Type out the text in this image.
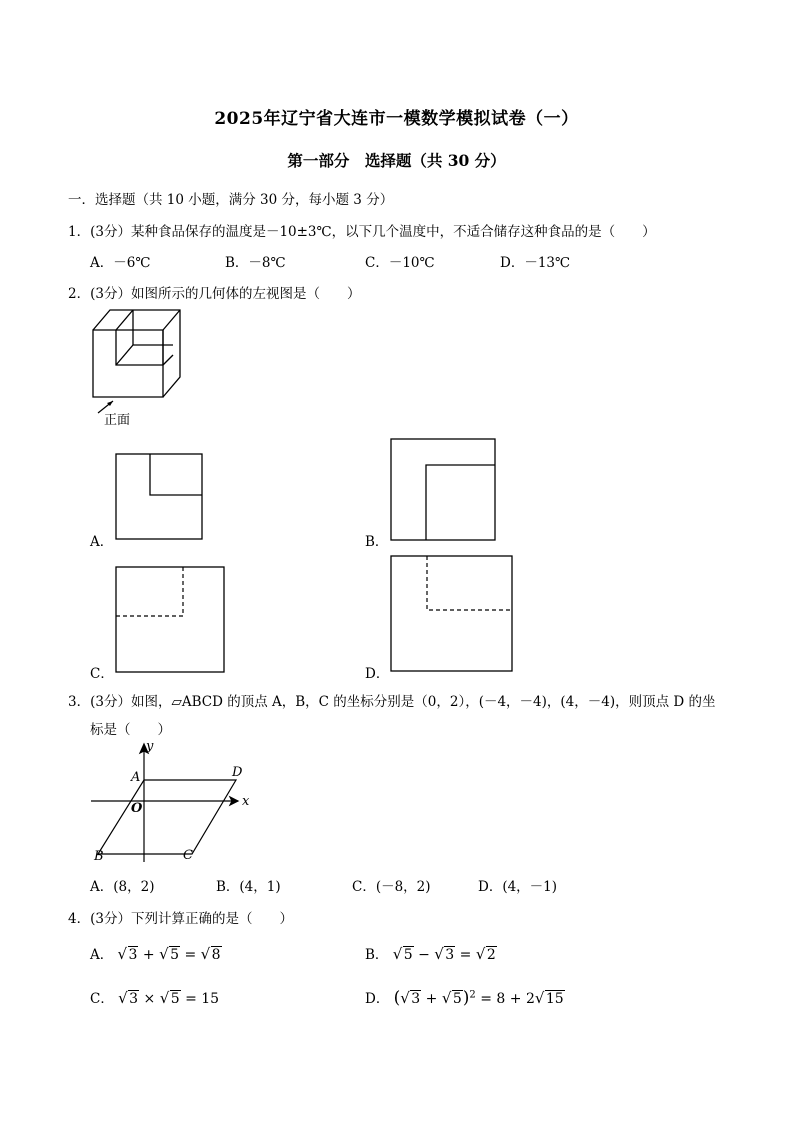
2025年辽宁省大连市一模数学模拟试卷（一）
第一部分　选择题（共 30 分）
一．选择题（共 10 小题，满分 30 分，每小题 3 分）
1．(3分）某种食品保存的温度是－10±3℃，以下几个温度中，不适合储存这种食品的是（　　）
A．－6℃	B．－8℃	C．－10℃	D．－13℃
2．(3分）如图所示的几何体的左视图是（　　）
正面
A．	B．
C．	D．
3．(3分）如图，▱ABCD 的顶点 A，B，C 的坐标分别是（0，2），(－4，－4)，(4，－4)，则顶点 D 的坐
标是（　　）
y
x
O
A	D
B	C
A．(8，2)	B．(4，1)	C．(－8，2)	D．(4，－1)
4．(3分）下列计算正确的是（　　）
A． √ 3 + √ 5 = √ 8	B． √ 5 − √ 3 = √ 2
C． √ 3 × √ 5 = 15	D． ( √ 3 + √ 5)$^2$ = 8 + 2 √ 15
